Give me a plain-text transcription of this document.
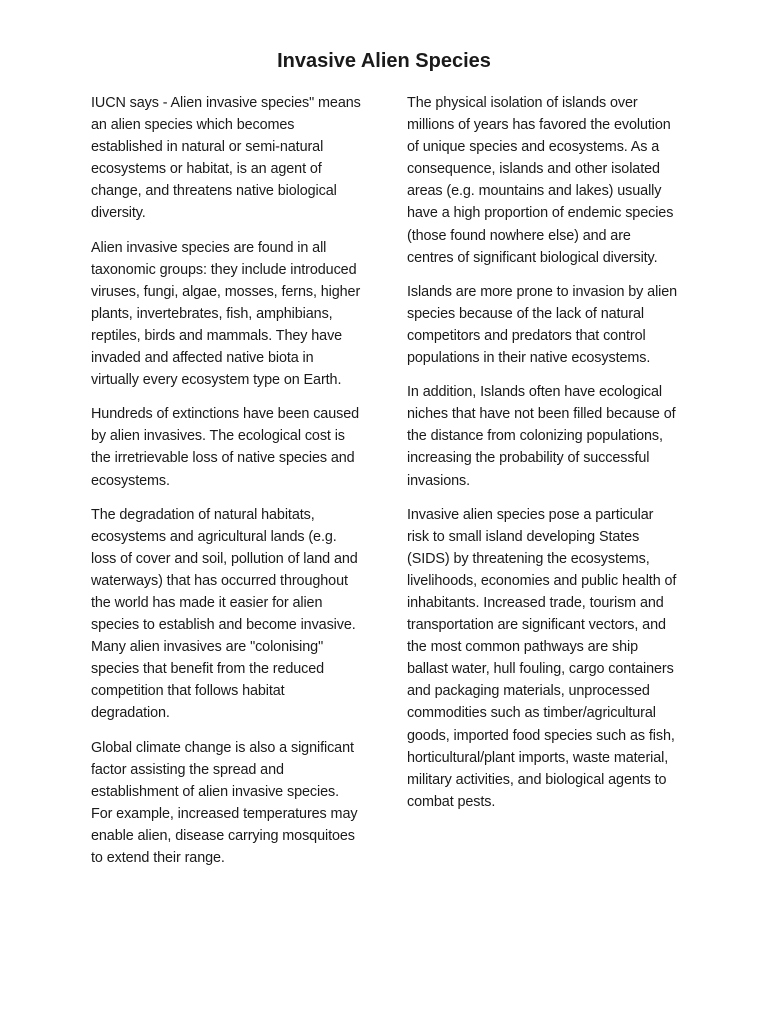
Invasive Alien Species

IUCN says - Alien invasive species" means an alien species which becomes established in natural or semi-natural ecosystems or habitat, is an agent of change, and threatens native biological diversity.

Alien invasive species are found in all taxonomic groups: they include introduced viruses, fungi, algae, mosses, ferns, higher plants, invertebrates, fish, amphibians, reptiles, birds and mammals. They have invaded and affected native biota in virtually every ecosystem type on Earth.

Hundreds of extinctions have been caused by alien invasives. The ecological cost is the irretrievable loss of native species and ecosystems.

The degradation of natural habitats, ecosystems and agricultural lands (e.g. loss of cover and soil, pollution of land and waterways) that has occurred throughout the world has made it easier for alien species to establish and become invasive. Many alien invasives are "colonising" species that benefit from the reduced competition that follows habitat degradation.

Global climate change is also a significant factor assisting the spread and establishment of alien invasive species. For example, increased temperatures may enable alien, disease carrying mosquitoes to extend their range.

The physical isolation of islands over millions of years has favored the evolution of unique species and ecosystems. As a consequence, islands and other isolated areas (e.g. mountains and lakes) usually have a high proportion of endemic species (those found nowhere else) and are centres of significant biological diversity.

Islands are more prone to invasion by alien species because of the lack of natural competitors and predators that control populations in their native ecosystems.

In addition, Islands often have ecological niches that have not been filled because of the distance from colonizing populations, increasing the probability of successful invasions.

Invasive alien species pose a particular risk to small island developing States (SIDS) by threatening the ecosystems, livelihoods, economies and public health of inhabitants. Increased trade, tourism and transportation are significant vectors, and the most common pathways are ship ballast water, hull fouling, cargo containers and packaging materials, unprocessed commodities such as timber/agricultural goods, imported food species such as fish, horticultural/plant imports, waste material, military activities, and biological agents to combat pests.
